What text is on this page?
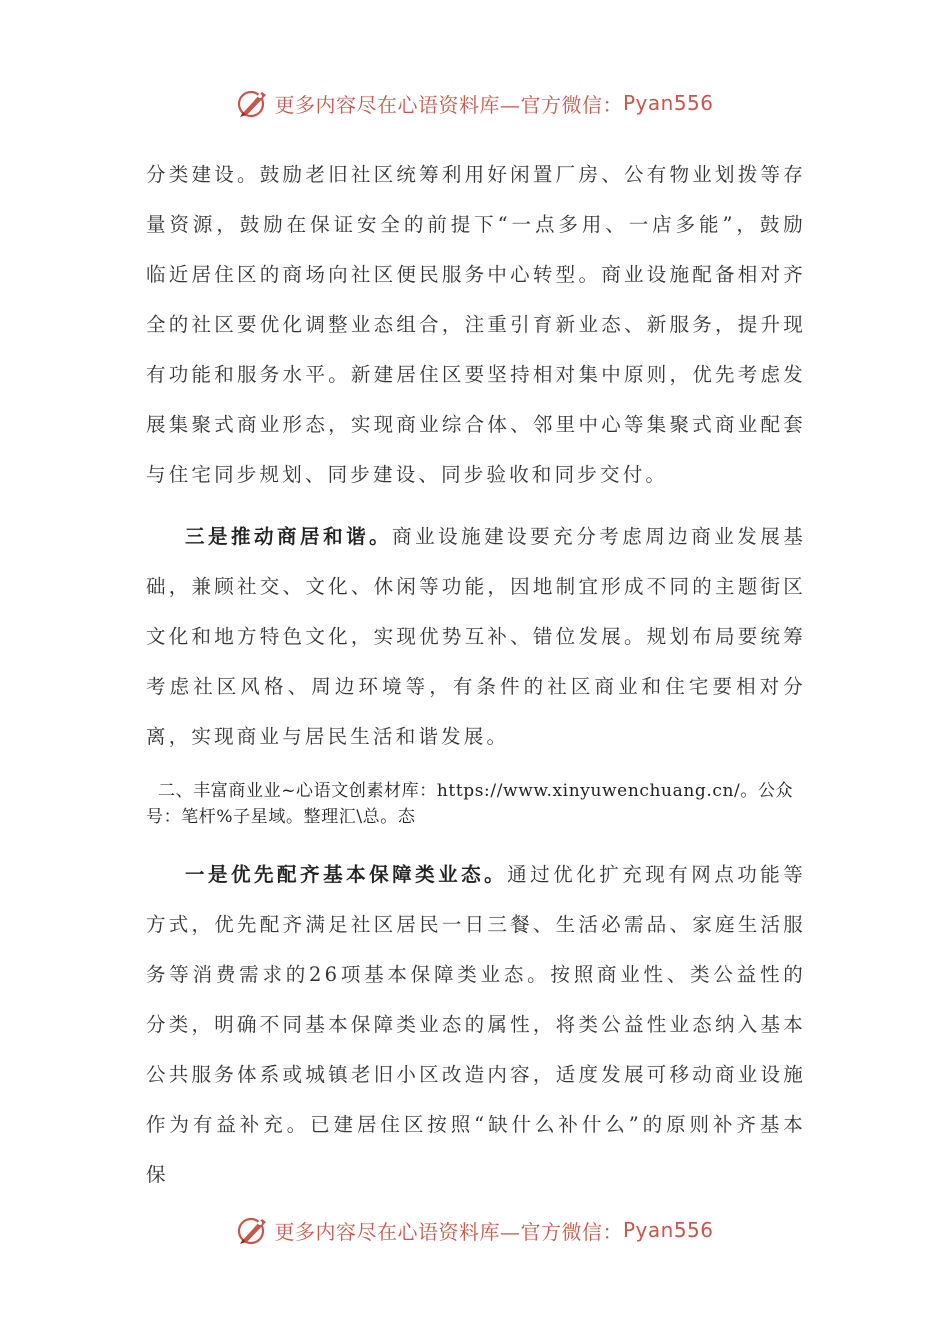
更多内容尽在心语资料库—官方微信： Pyan556

分类建设。鼓励老旧社区统筹利用好闲置厂房、公有物业划拨等存量资源，鼓励在保证安全的前提下“一点多用、一店多能”，鼓励临近居住区的商场向社区便民服务中心转型。商业设施配备相对齐全的社区要优化调整业态组合，注重引育新业态、新服务，提升现有功能和服务水平。新建居住区要坚持相对集中原则，优先考虑发展集聚式商业形态，实现商业综合体、邻里中心等集聚式商业配套与住宅同步规划、同步建设、同步验收和同步交付。

三是推动商居和谐。商业设施建设要充分考虑周边商业发展基础，兼顾社交、文化、休闲等功能，因地制宜形成不同的主题街区文化和地方特色文化，实现优势互补、错位发展。规划布局要统筹考虑社区风格、周边环境等，有条件的社区商业和住宅要相对分离，实现商业与居民生活和谐发展。

二、丰富商业业~心语文创素材库：https://www.xinyuwenchuang.cn/。公众号：笔杆%子星域。整理汇\总。态

一是优先配齐基本保障类业态。通过优化扩充现有网点功能等方式，优先配齐满足社区居民一日三餐、生活必需品、家庭生活服务等消费需求的26项基本保障类业态。按照商业性、类公益性的分类，明确不同基本保障类业态的属性，将类公益性业态纳入基本公共服务体系或城镇老旧小区改造内容，适度发展可移动商业设施作为有益补充。已建居住区按照“缺什么补什么”的原则补齐基本保

更多内容尽在心语资料库—官方微信： Pyan556
